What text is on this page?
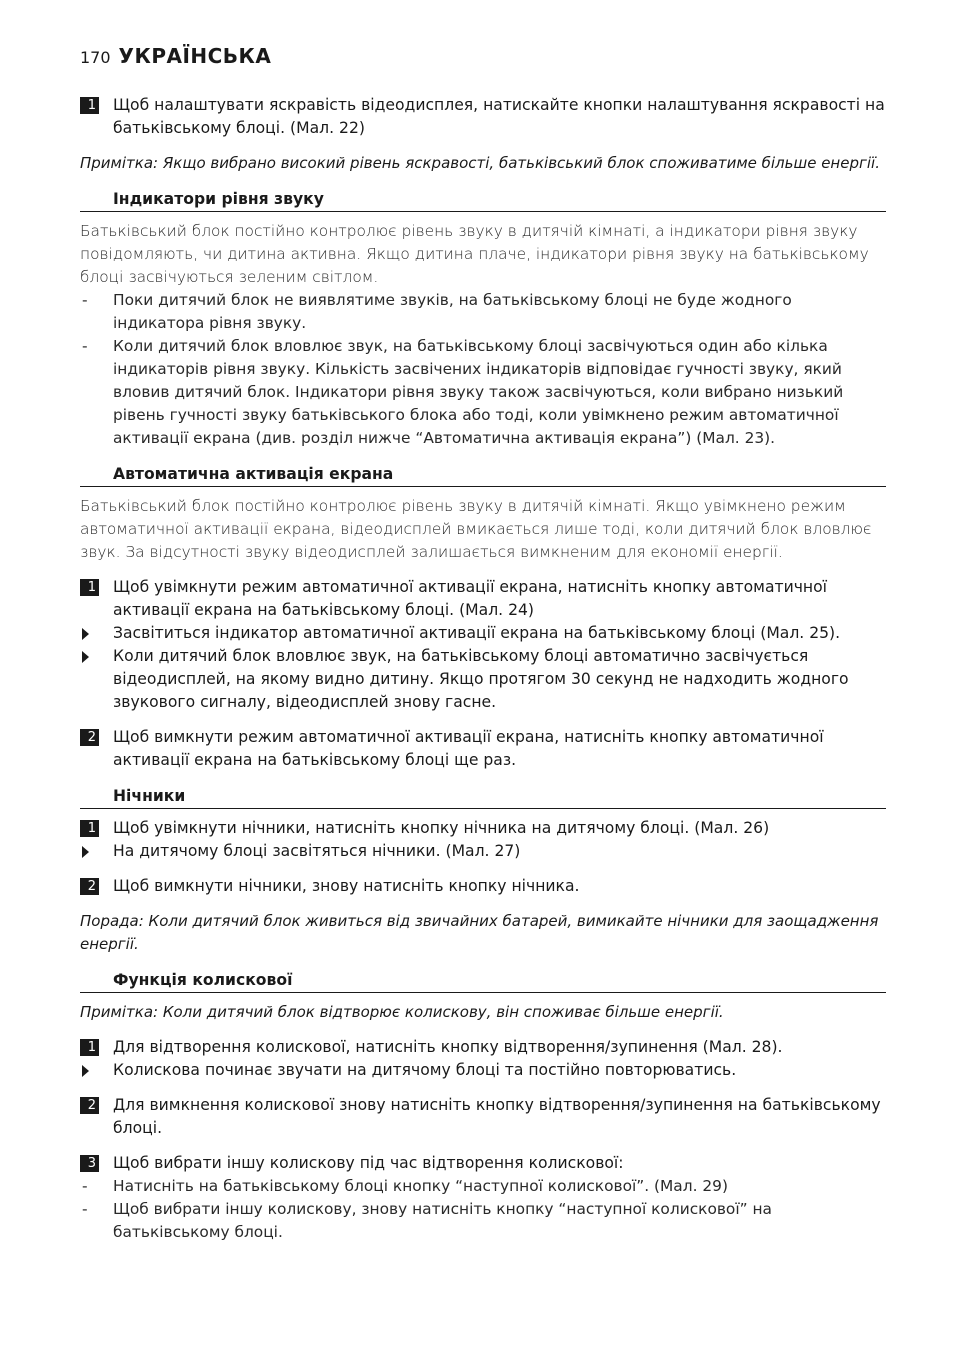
170 УКРАЇНСЬКА
1 Щоб налаштувати яскравість відеодисплея, натискайте кнопки налаштування яскравості на батьківському блоці. (Мал. 22)
Примітка: Якщо вибрано високий рівень яскравості, батьківський блок споживатиме більше енергії.
Індикатори рівня звуку
Батьківський блок постійно контролює рівень звуку в дитячій кімнаті, а індикатори рівня звуку повідомляють, чи дитина активна. Якщо дитина плаче, індикатори рівня звуку на батьківському блоці засвічуються зеленим світлом.
-	Поки дитячий блок не виявлятиме звуків, на батьківському блоці не буде жодного індикатора рівня звуку.
-	Коли дитячий блок вловлює звук, на батьківському блоці засвічуються один або кілька індикаторів рівня звуку. Кількість засвічених індикаторів відповідає гучності звуку, який вловив дитячий блок. Індикатори рівня звуку також засвічуються, коли вибрано низький рівень гучності звуку батьківського блока або тоді, коли увімкнено режим автоматичної активації екрана (див. розділ нижче “Автоматична активація екрана”) (Мал. 23).
Автоматична активація екрана
Батьківський блок постійно контролює рівень звуку в дитячій кімнаті. Якщо увімкнено режим автоматичної активації екрана, відеодисплей вмикається лише тоді, коли дитячий блок вловлює звук. За відсутності звуку відеодисплей залишається вимкненим для економії енергії.
1 Щоб увімкнути режим автоматичної активації екрана, натисніть кнопку автоматичної активації екрана на батьківському блоці. (Мал. 24)
Засвітиться індикатор автоматичної активації екрана на батьківському блоці (Мал. 25).
Коли дитячий блок вловлює звук, на батьківському блоці автоматично засвічується відеодисплей, на якому видно дитину. Якщо протягом 30 секунд не надходить жодного звукового сигналу, відеодисплей знову гасне.
2 Щоб вимкнути режим автоматичної активації екрана, натисніть кнопку автоматичної активації екрана на батьківському блоці ще раз.
Нічники
1 Щоб увімкнути нічники, натисніть кнопку нічника на дитячому блоці. (Мал. 26)
На дитячому блоці засвітяться нічники. (Мал. 27)
2 Щоб вимкнути нічники, знову натисніть кнопку нічника.
Порада: Коли дитячий блок живиться від звичайних батарей, вимикайте нічники для заощадження енергії.
Функція колискової
Примітка: Коли дитячий блок відтворює колискову, він споживає більше енергії.
1 Для відтворення колискової, натисніть кнопку відтворення/зупинення (Мал. 28).
Колискова починає звучати на дитячому блоці та постійно повторюватись.
2 Для вимкнення колискової знову натисніть кнопку відтворення/зупинення на батьківському блоці.
3 Щоб вибрати іншу колискову під час відтворення колискової:
-	Натисніть на батьківському блоці кнопку “наступної колискової”. (Мал. 29)
-	Щоб вибрати іншу колискову, знову натисніть кнопку “наступної колискової” на батьківському блоці.
